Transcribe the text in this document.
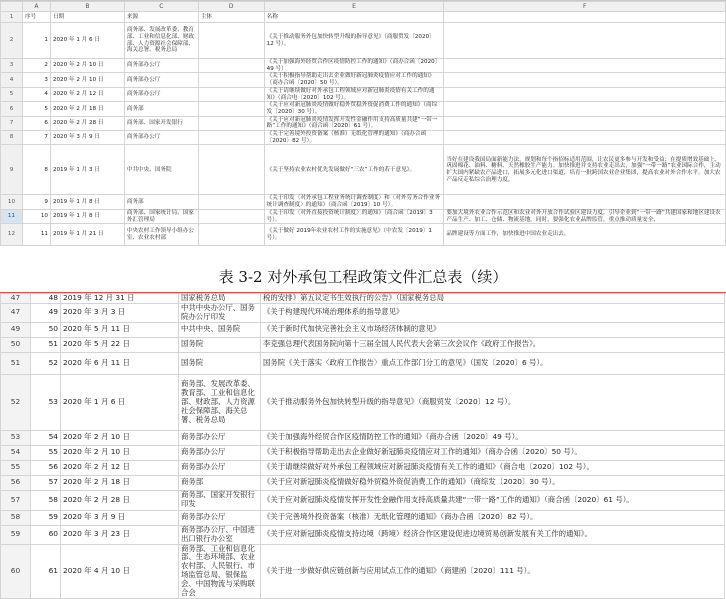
	A	B	C	D	E	F
1	序号	日期	来源	主体	名称	
2	1	2020 年 1 月 6 日	商务部、发展改革委、教育部、工业和信息化部、财政部、人力资源社会保障部、海关总署、税务总局		《关于推动服务外包加快转型升级的指导意见》（商服贸发〔2020〕12 号）。	
3	2	2020 年 2 月 10 日	商务部办公厅		《关于加强海外经贸合作区疫情防控工作的通知》（商办合函〔2020〕49 号）	
4	3	2020 年 2 月 10 日	商务部办公厅		《关于积极指导帮助走出去企业做好新冠肺炎疫情应对工作的通知》（商办合函〔2020〕50 号）。	
5	4	2020 年 2 月 12 日	商务部办公厅		《关于请继续做好对外承包工程领域应对新冠肺炎疫情有关工作的通知》（商合电〔2020〕102 号）。	
6	5	2020 年 2 月 18 日	商务部		《关于应对新冠肺炎疫情做好稳外贸稳外资促消费工作的通知》（商综发〔2020〕30 号）。	
7	6	2020 年 2 月 28 日	商务部、国家开发银行		《关于应对新冠肺炎疫情发挥开发性金融作用支持高质量共建“一带一路”工作的通知》（商合函〔2020〕61 号）。	
8	7	2020 年 3 月 9 日	商务部办公厅		《关于完善境外投资备案（核准）无纸化管理的通知》（商办合函〔2020〕82 号）。	
9	8	2019 年 1 月 3 日	中共中央、国务院		《关于坚持农业农村优先发展做好“三农”工作的若干意见》。	当好在建设我国局面新能力法，规划和每个指招标适用范围，让农民更多参与开发和受益；在提质增效基础上，巩固棉花、油料、糖料、天然橡胶生产能力。加快推进并支持农业走出去，加强“一带一路”农业国际合作，主动扩大国内紧缺农产品进口，拓展多元化进口渠道，培育一批跨国农业企业集团，提高农业对外合作水平。加大农产品反走私综合治理力度。
10	9	2019 年 1 月 8 日	商务部		《关于印发〈对外承包工程业务统计调查制度〉和〈对外劳务合作业务统计调查制度〉的通知》（商合函〔2019〕10 号）。	
11	10	2019 年 1 月 8 日	商务部、国家统计局、国家外汇管理局		《关于印发〈对外直接投资统计制度〉的通知》（商合函〔2019〕3 号）。	要加大境外农业合作示范区和农业对外开放合作试验区建设力度，引导企业到“一带一路”共建国家和地区建设农产品生产、加工、仓储、物流基地。同时，要强化农业品牌监管，重点推动质量安全、
12	11	2019 年 1 月 21 日	中央农村工作领导小组办公室、农业农村部		《关于做好 2019年农业农村工作的实施意见》（中农发〔2019〕1 号）。	品牌建设等方面工作，加快推进中国农业走出去。
表 3-2 对外承包工程政策文件汇总表（续）
47	48	2019 年 12 月 31 日	国家税务总局	税的安排》第五议定书生效执行的公告》（国家税务总局
47	49	2020 年 3 月 3 日	中共中央办公厅、国务院办公厅印发	《关于构建现代环境治理体系的指导意见》
49	50	2020 年 5 月 11 日	中共中央、国务院	《关于新时代加快完善社会主义市场经济体制的意见》
50	51	2020 年 5 月 22 日	国务院	李克强总理代表国务院向第十三届全国人民代表大会第三次会议作《政府工作报告》。
51	52	2020 年 6 月 11 日	国务院	国务院《关于落实〈政府工作报告〉重点工作部门分工的意见》（国发〔2020〕6 号）。
52	53	2020 年 1 月 6 日	商务部、发展改革委、教育部、工业和信息化部、财政部、人力资源社会保障部、海关总署、税务总局	《关于推动服务外包加快转型升级的指导意见》（商服贸发〔2020〕12 号）。
53	54	2020 年 2 月 10 日	商务部办公厅	《关于加强海外经贸合作区疫情防控工作的通知》（商办合函〔2020〕49 号）。
54	55	2020 年 2 月 10 日	商务部办公厅	《关于积极指导帮助走出去企业做好新冠肺炎疫情应对工作的通知》（商办合函〔2020〕50 号）。
55	56	2020 年 2 月 12 日	商务部办公厅	《关于请继续做好对外承包工程领域应对新冠肺炎疫情有关工作的通知》（商合电〔2020〕102 号）。
56	57	2020 年 2 月 18 日	商务部	《关于应对新冠肺炎疫情做好稳外贸稳外资促消费工作的通知》（商综发〔2020〕30 号）。
57	58	2020 年 2 月 28 日	商务部、国家开发银行印发	《关于应对新冠肺炎疫情发挥开发性金融作用支持高质量共建“一带一路”工作的通知》（商合函〔2020〕61 号）。
58	59	2020 年 3 月 9 日	商务部办公厅	《关于完善境外投资备案（核准）无纸化管理的通知》（商办合函〔2020〕82 号）。
59	60	2020 年 3 月 23 日	商务部办公厅、中国进出口银行办公室	《关于应对新冠肺炎疫情支持边境（跨境）经济合作区建设促进边境贸易创新发展有关工作的通知》。
60	61	2020 年 4 月 10 日	商务部、工业和信息化部、生态环境部、农业农村部、人民银行、市场监管总局、银保监会、中国物流与采购联合会	《关于进一步做好供应链创新与应用试点工作的通知》（商建函〔2020〕111 号）。
